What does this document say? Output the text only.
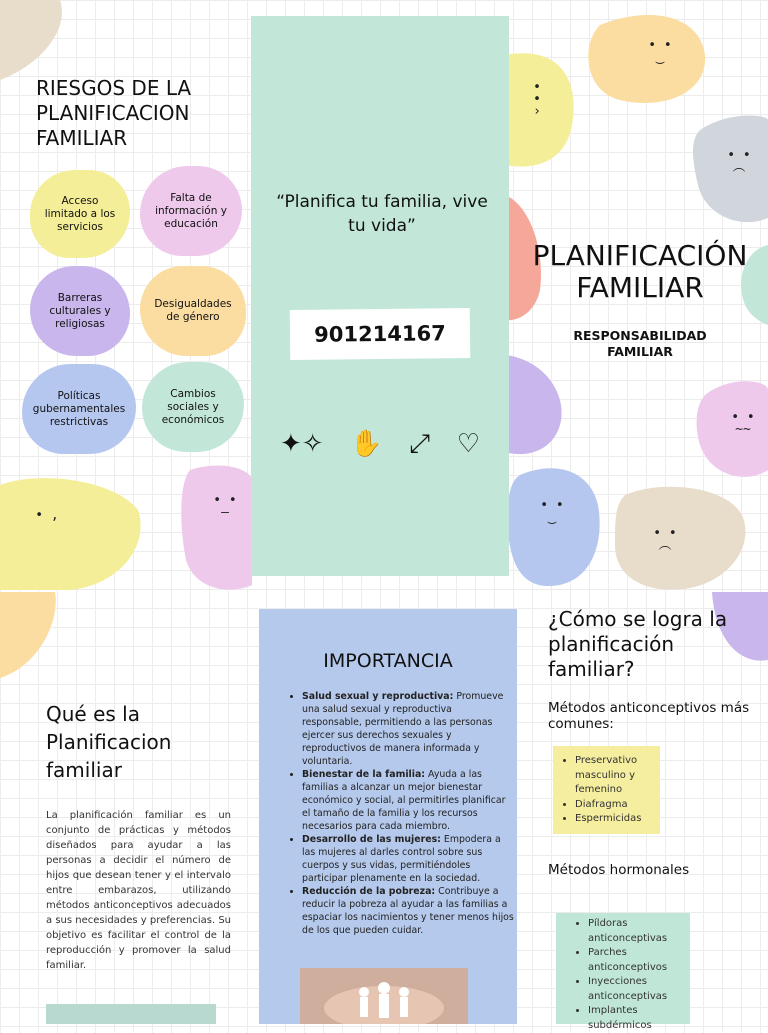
• •
‿
• •
›
• •
︵
• •
~~
• •
‿
• •
︵
• ,

• •
—
RIESGOS DE LA PLANIFICACION FAMILIAR
Acceso limitado a los servicios
Falta de información y educación
Barreras culturales y religiosas
Desigualdades de género
Políticas gubernamentales restrictivas
Cambios sociales y económicos
“Planifica tu familia, vive tu vida”
901214167
✦✧ ✋ ⤢ ♡
PLANIFICACIÓN FAMILIAR
RESPONSABILIDAD FAMILIAR
Qué es la Planificacion familiar
La planificación familiar es un conjunto de prácticas y métodos diseñados para ayudar a las personas a decidir el número de hijos que desean tener y el intervalo entre embarazos, utilizando métodos anticonceptivos adecuados a sus necesidades y preferencias. Su objetivo es facilitar el control de la reproducción y promover la salud familiar.
IMPORTANCIA
• Salud sexual y reproductiva: Promueve una salud sexual y reproductiva responsable, permitiendo a las personas ejercer sus derechos sexuales y reproductivos de manera informada y voluntaria.
• Bienestar de la familia: Ayuda a las familias a alcanzar un mejor bienestar económico y social, al permitirles planificar el tamaño de la familia y los recursos necesarios para cada miembro.
• Desarrollo de las mujeres: Empodera a las mujeres al darles control sobre sus cuerpos y sus vidas, permitiéndoles participar plenamente en la sociedad.
• Reducción de la pobreza: Contribuye a reducir la pobreza al ayudar a las familias a espaciar los nacimientos y tener menos hijos de los que pueden cuidar.
¿Cómo se logra la planificación familiar?
Métodos anticonceptivos más comunes:
• Preservativo masculino y femenino
• Diafragma
• Espermicidas
Métodos hormonales
• Píldoras anticonceptivas
• Parches anticonceptivos
• Inyecciones anticonceptivas
• Implantes subdérmicos
